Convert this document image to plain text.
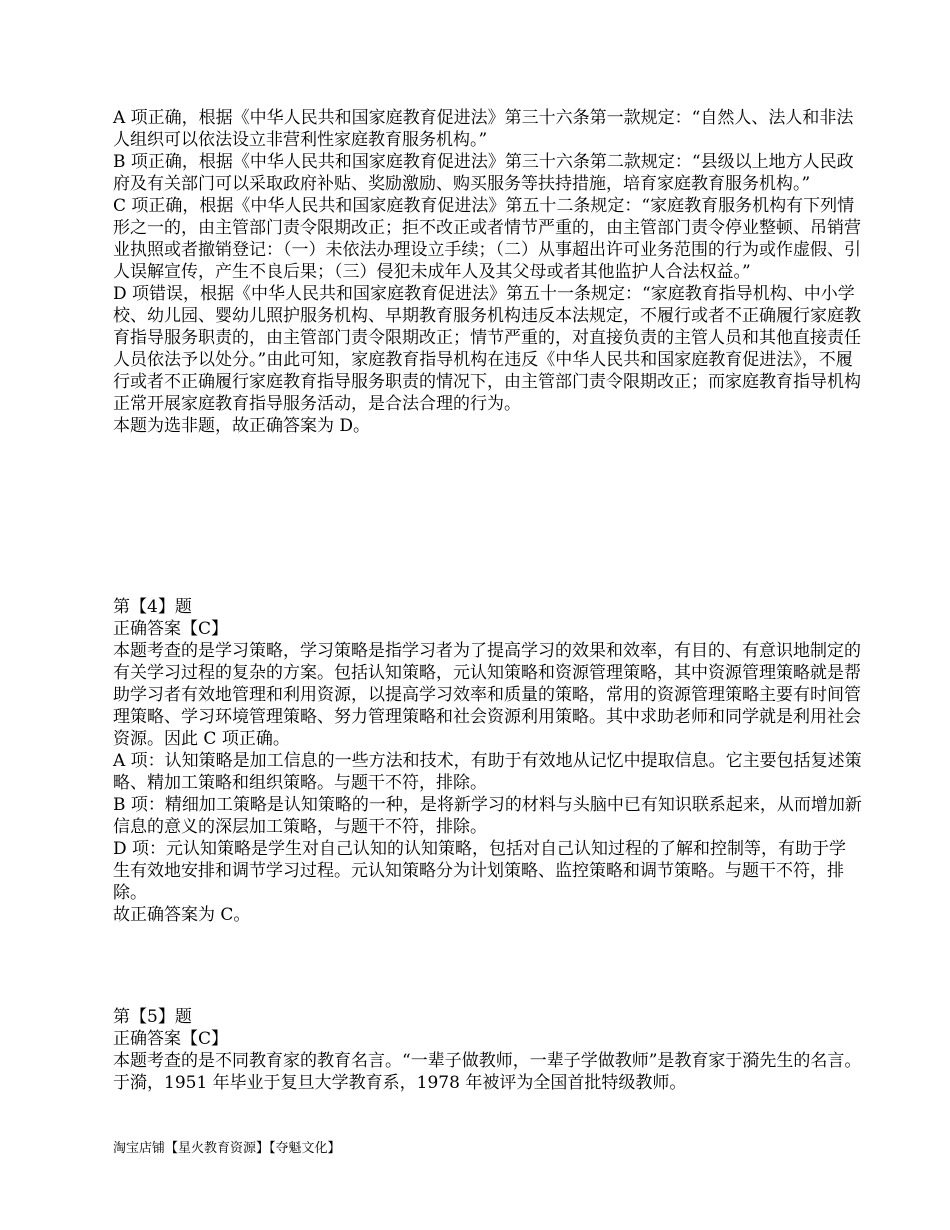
A 项正确，根据《中华人民共和国家庭教育促进法》第三十六条第一款规定：“自然人、法人和非法人组织可以依法设立非营利性家庭教育服务机构。”

B 项正确，根据《中华人民共和国家庭教育促进法》第三十六条第二款规定：“县级以上地方人民政府及有关部门可以采取政府补贴、奖励激励、购买服务等扶持措施，培育家庭教育服务机构。”

C 项正确，根据《中华人民共和国家庭教育促进法》第五十二条规定：“家庭教育服务机构有下列情形之一的，由主管部门责令限期改正；拒不改正或者情节严重的，由主管部门责令停业整顿、吊销营业执照或者撤销登记：（一）未依法办理设立手续；（二）从事超出许可业务范围的行为或作虚假、引人误解宣传，产生不良后果；（三）侵犯未成年人及其父母或者其他监护人合法权益。”

D 项错误，根据《中华人民共和国家庭教育促进法》第五十一条规定：“家庭教育指导机构、中小学校、幼儿园、婴幼儿照护服务机构、早期教育服务机构违反本法规定，不履行或者不正确履行家庭教育指导服务职责的，由主管部门责令限期改正；情节严重的，对直接负责的主管人员和其他直接责任人员依法予以处分。”由此可知，家庭教育指导机构在违反《中华人民共和国家庭教育促进法》，不履行或者不正确履行家庭教育指导服务职责的情况下，由主管部门责令限期改正；而家庭教育指导机构正常开展家庭教育指导服务活动，是合法合理的行为。

本题为选非题，故正确答案为 D。

第【4】题

正确答案【C】

本题考查的是学习策略，学习策略是指学习者为了提高学习的效果和效率，有目的、有意识地制定的有关学习过程的复杂的方案。包括认知策略，元认知策略和资源管理策略，其中资源管理策略就是帮助学习者有效地管理和利用资源，以提高学习效率和质量的策略，常用的资源管理策略主要有时间管理策略、学习环境管理策略、努力管理策略和社会资源利用策略。其中求助老师和同学就是利用社会资源。因此 C 项正确。

A 项：认知策略是加工信息的一些方法和技术，有助于有效地从记忆中提取信息。它主要包括复述策略、精加工策略和组织策略。与题干不符，排除。

B 项：精细加工策略是认知策略的一种，是将新学习的材料与头脑中已有知识联系起来，从而增加新信息的意义的深层加工策略，与题干不符，排除。

D 项：元认知策略是学生对自己认知的认知策略，包括对自己认知过程的了解和控制等，有助于学生有效地安排和调节学习过程。元认知策略分为计划策略、监控策略和调节策略。与题干不符，排除。

故正确答案为 C。

第【5】题

正确答案【C】

本题考查的是不同教育家的教育名言。“一辈子做教师，一辈子学做教师”是教育家于漪先生的名言。于漪，1951 年毕业于复旦大学教育系，1978 年被评为全国首批特级教师。

淘宝店铺【星火教育资源】【夺魁文化】
